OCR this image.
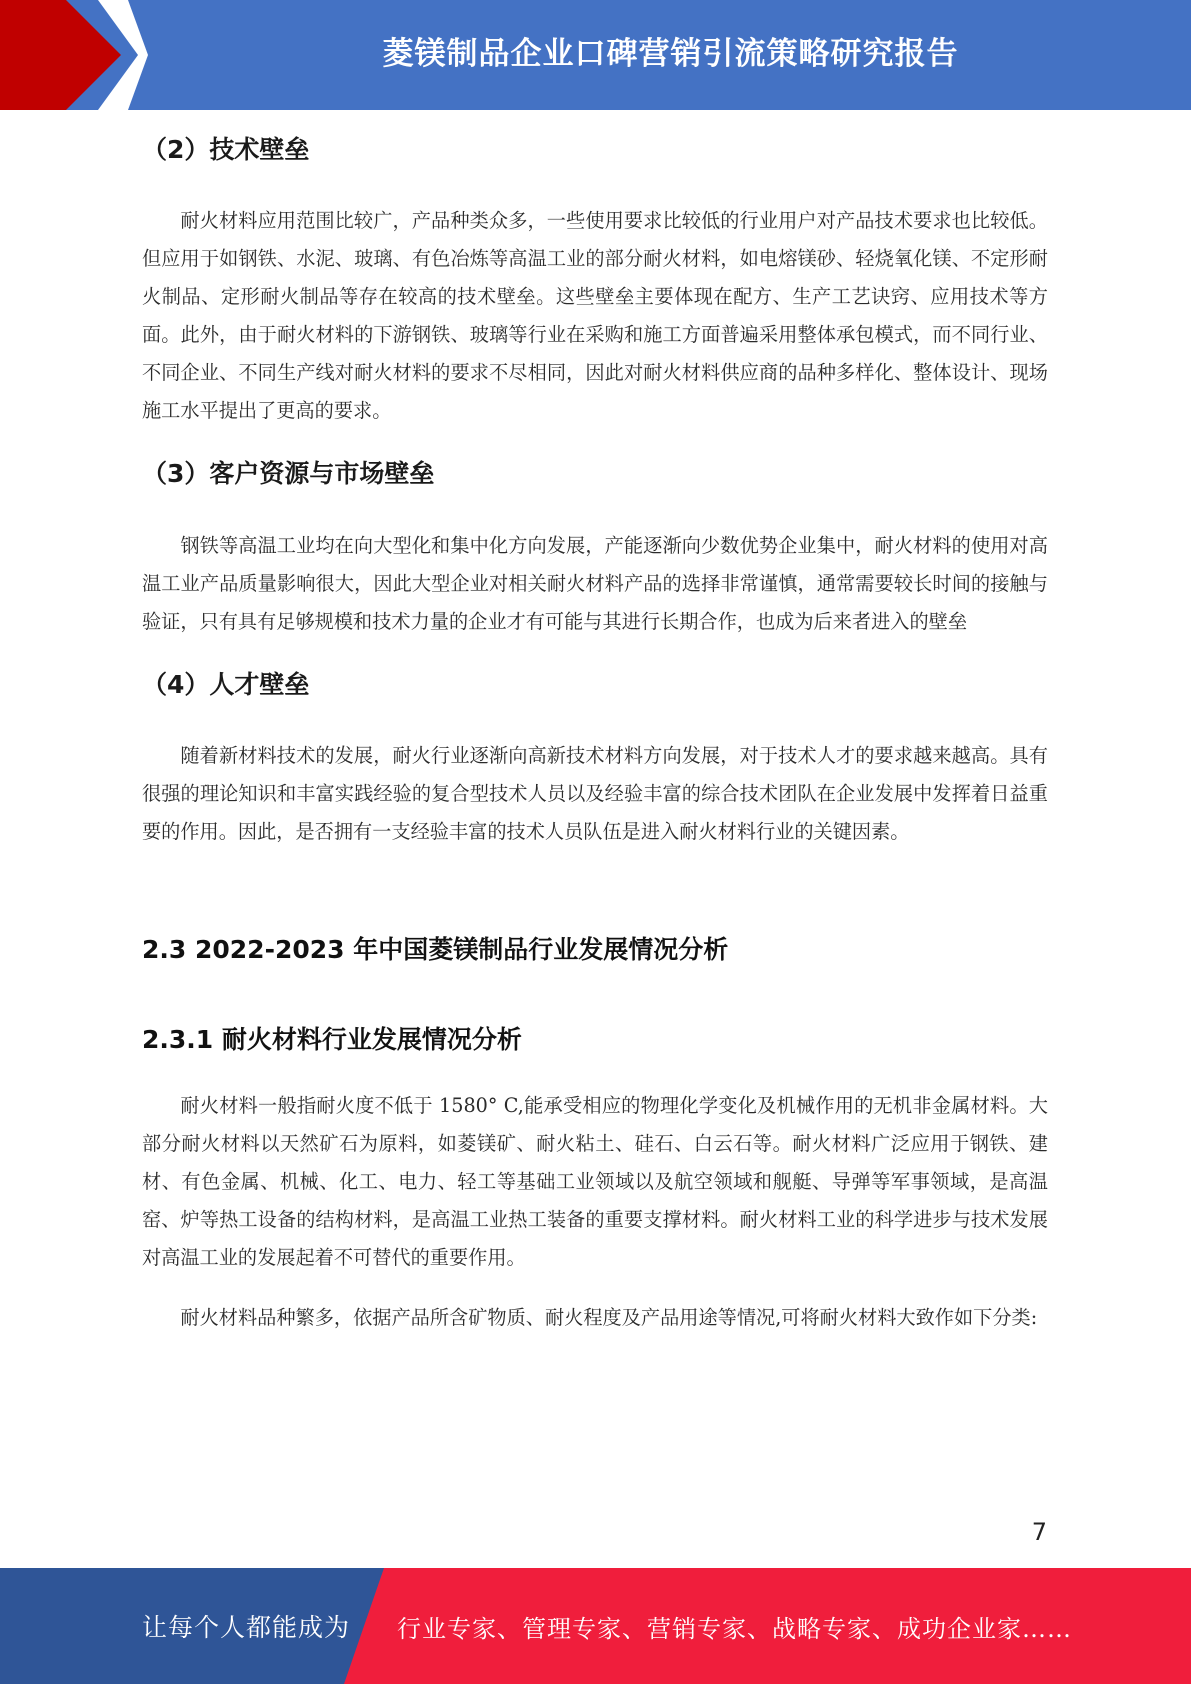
菱镁制品企业口碑营销引流策略研究报告
（2）技术壁垒

耐火材料应用范围比较广，产品种类众多，一些使用要求比较低的行业用户对产品技术要求也比较低。但应用于如钢铁、水泥、玻璃、有色冶炼等高温工业的部分耐火材料，如电熔镁砂、轻烧氧化镁、不定形耐火制品、定形耐火制品等存在较高的技术壁垒。这些壁垒主要体现在配方、生产工艺诀窍、应用技术等方面。此外，由于耐火材料的下游钢铁、玻璃等行业在采购和施工方面普遍采用整体承包模式，而不同行业、不同企业、不同生产线对耐火材料的要求不尽相同，因此对耐火材料供应商的品种多样化、整体设计、现场施工水平提出了更高的要求。

（3）客户资源与市场壁垒

钢铁等高温工业均在向大型化和集中化方向发展，产能逐渐向少数优势企业集中，耐火材料的使用对高温工业产品质量影响很大，因此大型企业对相关耐火材料产品的选择非常谨慎，通常需要较长时间的接触与验证，只有具有足够规模和技术力量的企业才有可能与其进行长期合作，也成为后来者进入的壁垒

（4）人才壁垒

随着新材料技术的发展，耐火行业逐渐向高新技术材料方向发展，对于技术人才的要求越来越高。具有很强的理论知识和丰富实践经验的复合型技术人员以及经验丰富的综合技术团队在企业发展中发挥着日益重要的作用。因此，是否拥有一支经验丰富的技术人员队伍是进入耐火材料行业的关键因素。

2.3 2022-2023 年中国菱镁制品行业发展情况分析
2.3.1 耐火材料行业发展情况分析

耐火材料一般指耐火度不低于 1580° C,能承受相应的物理化学变化及机械作用的无机非金属材料。大部分耐火材料以天然矿石为原料，如菱镁矿、耐火粘土、硅石、白云石等。耐火材料广泛应用于钢铁、建材、有色金属、机械、化工、电力、轻工等基础工业领域以及航空领域和舰艇、导弹等军事领域，是高温窑、炉等热工设备的结构材料，是高温工业热工装备的重要支撑材料。耐火材料工业的科学进步与技术发展对高温工业的发展起着不可替代的重要作用。

耐火材料品种繁多，依据产品所含矿物质、耐火程度及产品用途等情况,可将耐火材料大致作如下分类:

7
让每个人都能成为 行业专家、管理专家、营销专家、战略专家、成功企业家……
